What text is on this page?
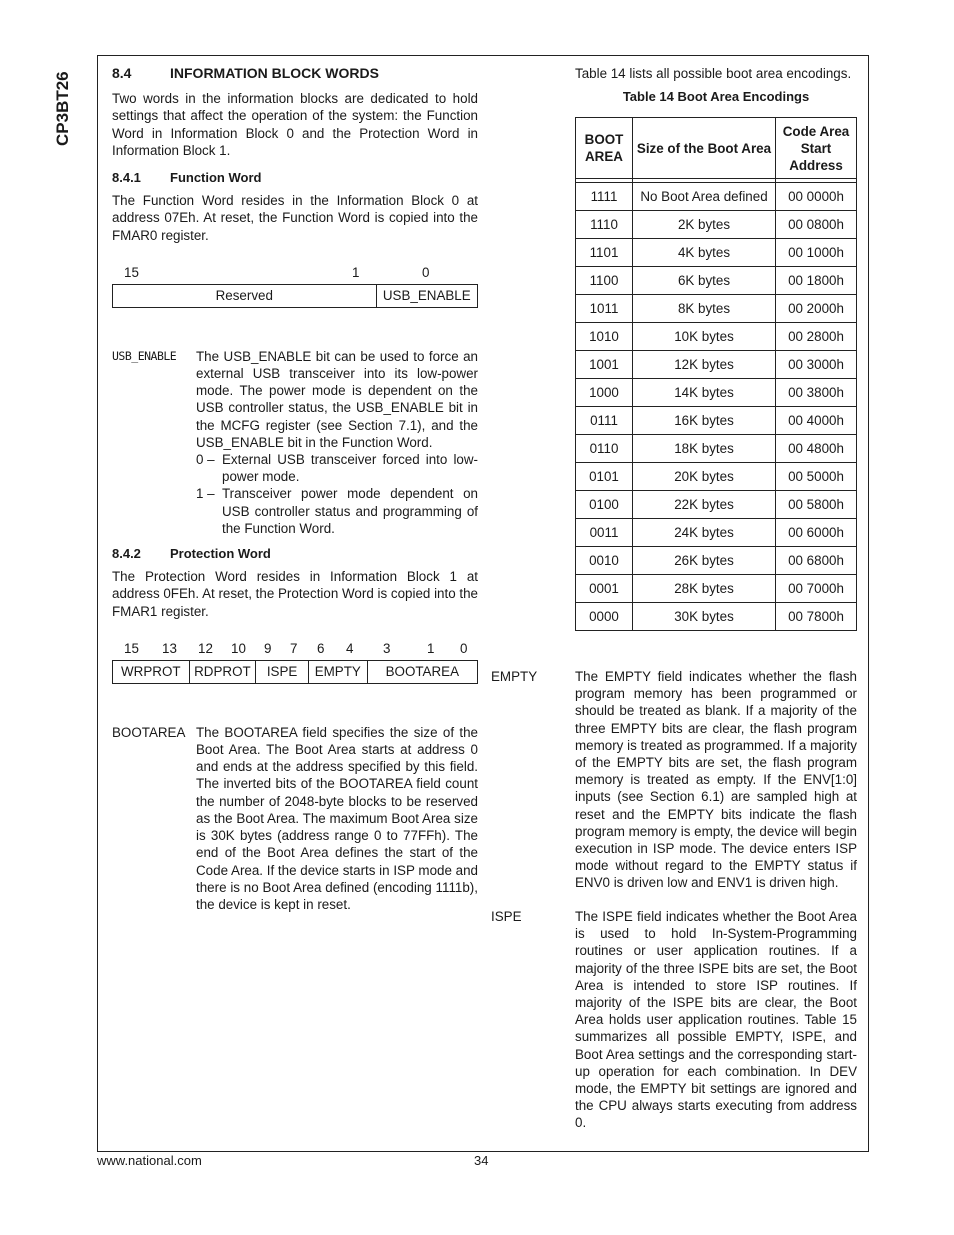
CP3BT26	8.4	INFORMATION BLOCK WORDS

Two words in the information blocks are dedicated to hold settings that affect the operation of the system: the Function Word in Information Block 0 and the Protection Word in Information Block 1.

8.4.1	Function Word

The Function Word resides in the Information Block 0 at address 07Eh. At reset, the Function Word is copied into the FMAR0 register.

15	1	0
Reserved	USB_ENABLE
USB_ENABLE	The USB_ENABLE bit can be used to force an external USB transceiver into its low-power mode. The power mode is dependent on the USB controller status, the USB_ENABLE bit in the MCFG register (see Section 7.1), and the USB_ENABLE bit in the Function Word.
0 – External USB transceiver forced into low-power mode.
1 – Transceiver power mode dependent on USB controller status and programming of the Function Word.
8.4.2	Protection Word

The Protection Word resides in Information Block 1 at address 0FEh. At reset, the Protection Word is copied into the FMAR1 register.

15 13 12 10 9 7 6 4 3	1 0
WRPROT	RDPROT	ISPE	EMPTY	BOOTAREA
BOOTAREA The BOOTAREA field specifies the size of the Boot Area. The Boot Area starts at address 0 and ends at the address specified by this field. The inverted bits of the BOOTAREA field count the number of 2048-byte blocks to be reserved as the Boot Area. The maximum Boot Area size is 30K bytes (address range 0 to 77FFh). The end of the Boot Area defines the start of the Code Area. If the device starts in ISP mode and there is no Boot Area defined (encoding 1111b), the device is kept in reset.

Table 14 lists all possible boot area encodings.

Table 14 Boot Area Encodings
BOOT AREA	Size of the Boot Area	Code Area Start Address

1111	No Boot Area defined	00 0000h
1110	2K bytes	00 0800h
1101	4K bytes	00 1000h
1100	6K bytes	00 1800h
1011	8K bytes	00 2000h
1010	10K bytes	00 2800h
1001	12K bytes	00 3000h
1000	14K bytes	00 3800h
0111	16K bytes	00 4000h
0110	18K bytes	00 4800h
0101	20K bytes	00 5000h
0100	22K bytes	00 5800h
0011	24K bytes	00 6000h
0010	26K bytes	00 6800h
0001	28K bytes	00 7000h
0000	30K bytes	00 7800h
EMPTY	The EMPTY field indicates whether the flash program memory has been programmed or should be treated as blank. If a majority of the three EMPTY bits are clear, the flash program memory is treated as programmed. If a majority of the EMPTY bits are set, the flash program memory is treated as empty. If the ENV[1:0] inputs (see Section 6.1) are sampled high at reset and the EMPTY bits indicate the flash program memory is empty, the device will begin execution in ISP mode. The device enters ISP mode without regard to the EMPTY status if ENV0 is driven low and ENV1 is driven high.
ISPE	The ISPE field indicates whether the Boot Area is used to hold In-System-Programming routines or user application routines. If a majority of the three ISPE bits are set, the Boot Area is intended to store ISP routines. If majority of the ISPE bits are clear, the Boot Area holds user application routines. Table 15 summarizes all possible EMPTY, ISPE, and Boot Area settings and the corresponding start-up operation for each combination. In DEV mode, the EMPTY bit settings are ignored and the CPU always starts executing from address 0.
www.national.com	34
